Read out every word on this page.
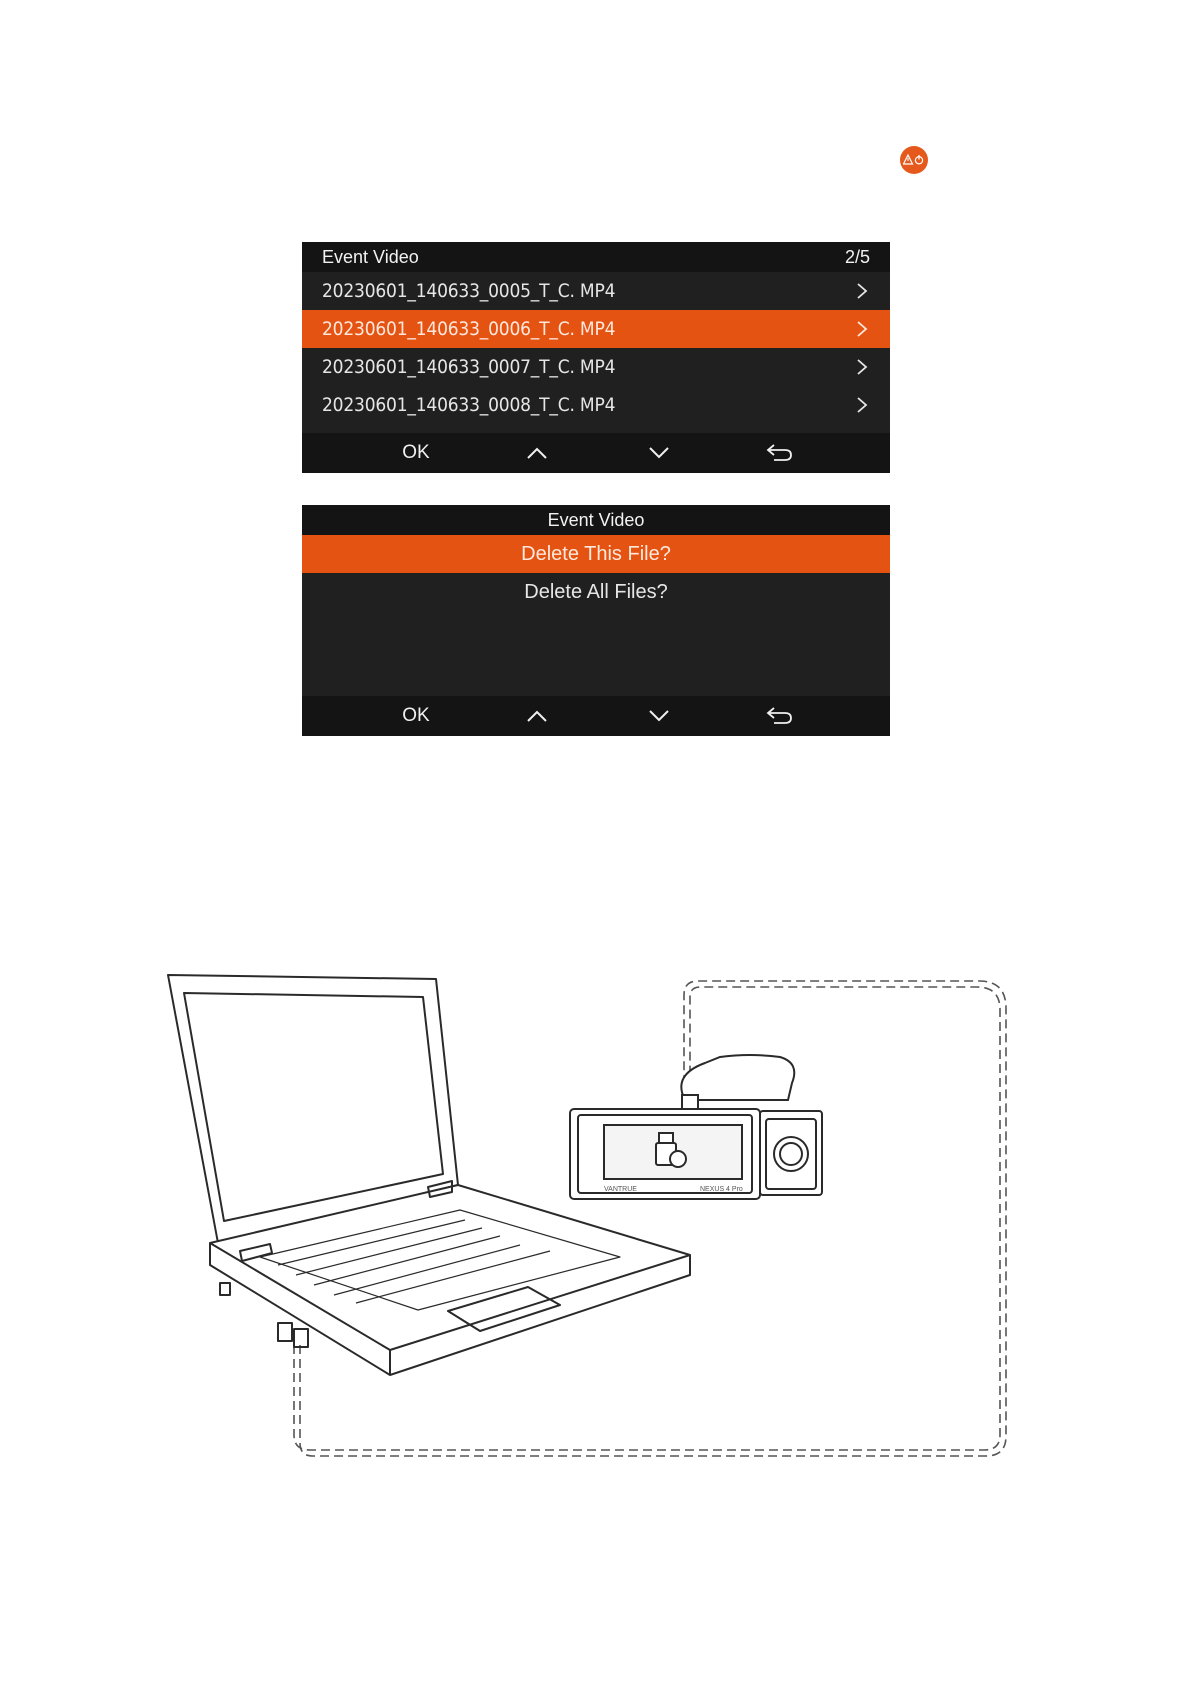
Event Video	2/5
20230601_140633_0005_T_C. MP4
20230601_140633_0006_T_C. MP4
20230601_140633_0007_T_C. MP4
20230601_140633_0008_T_C. MP4
OK
Event Video
Delete This File?
Delete All Files?
OK
VANTRUE	NEXUS 4 Pro
